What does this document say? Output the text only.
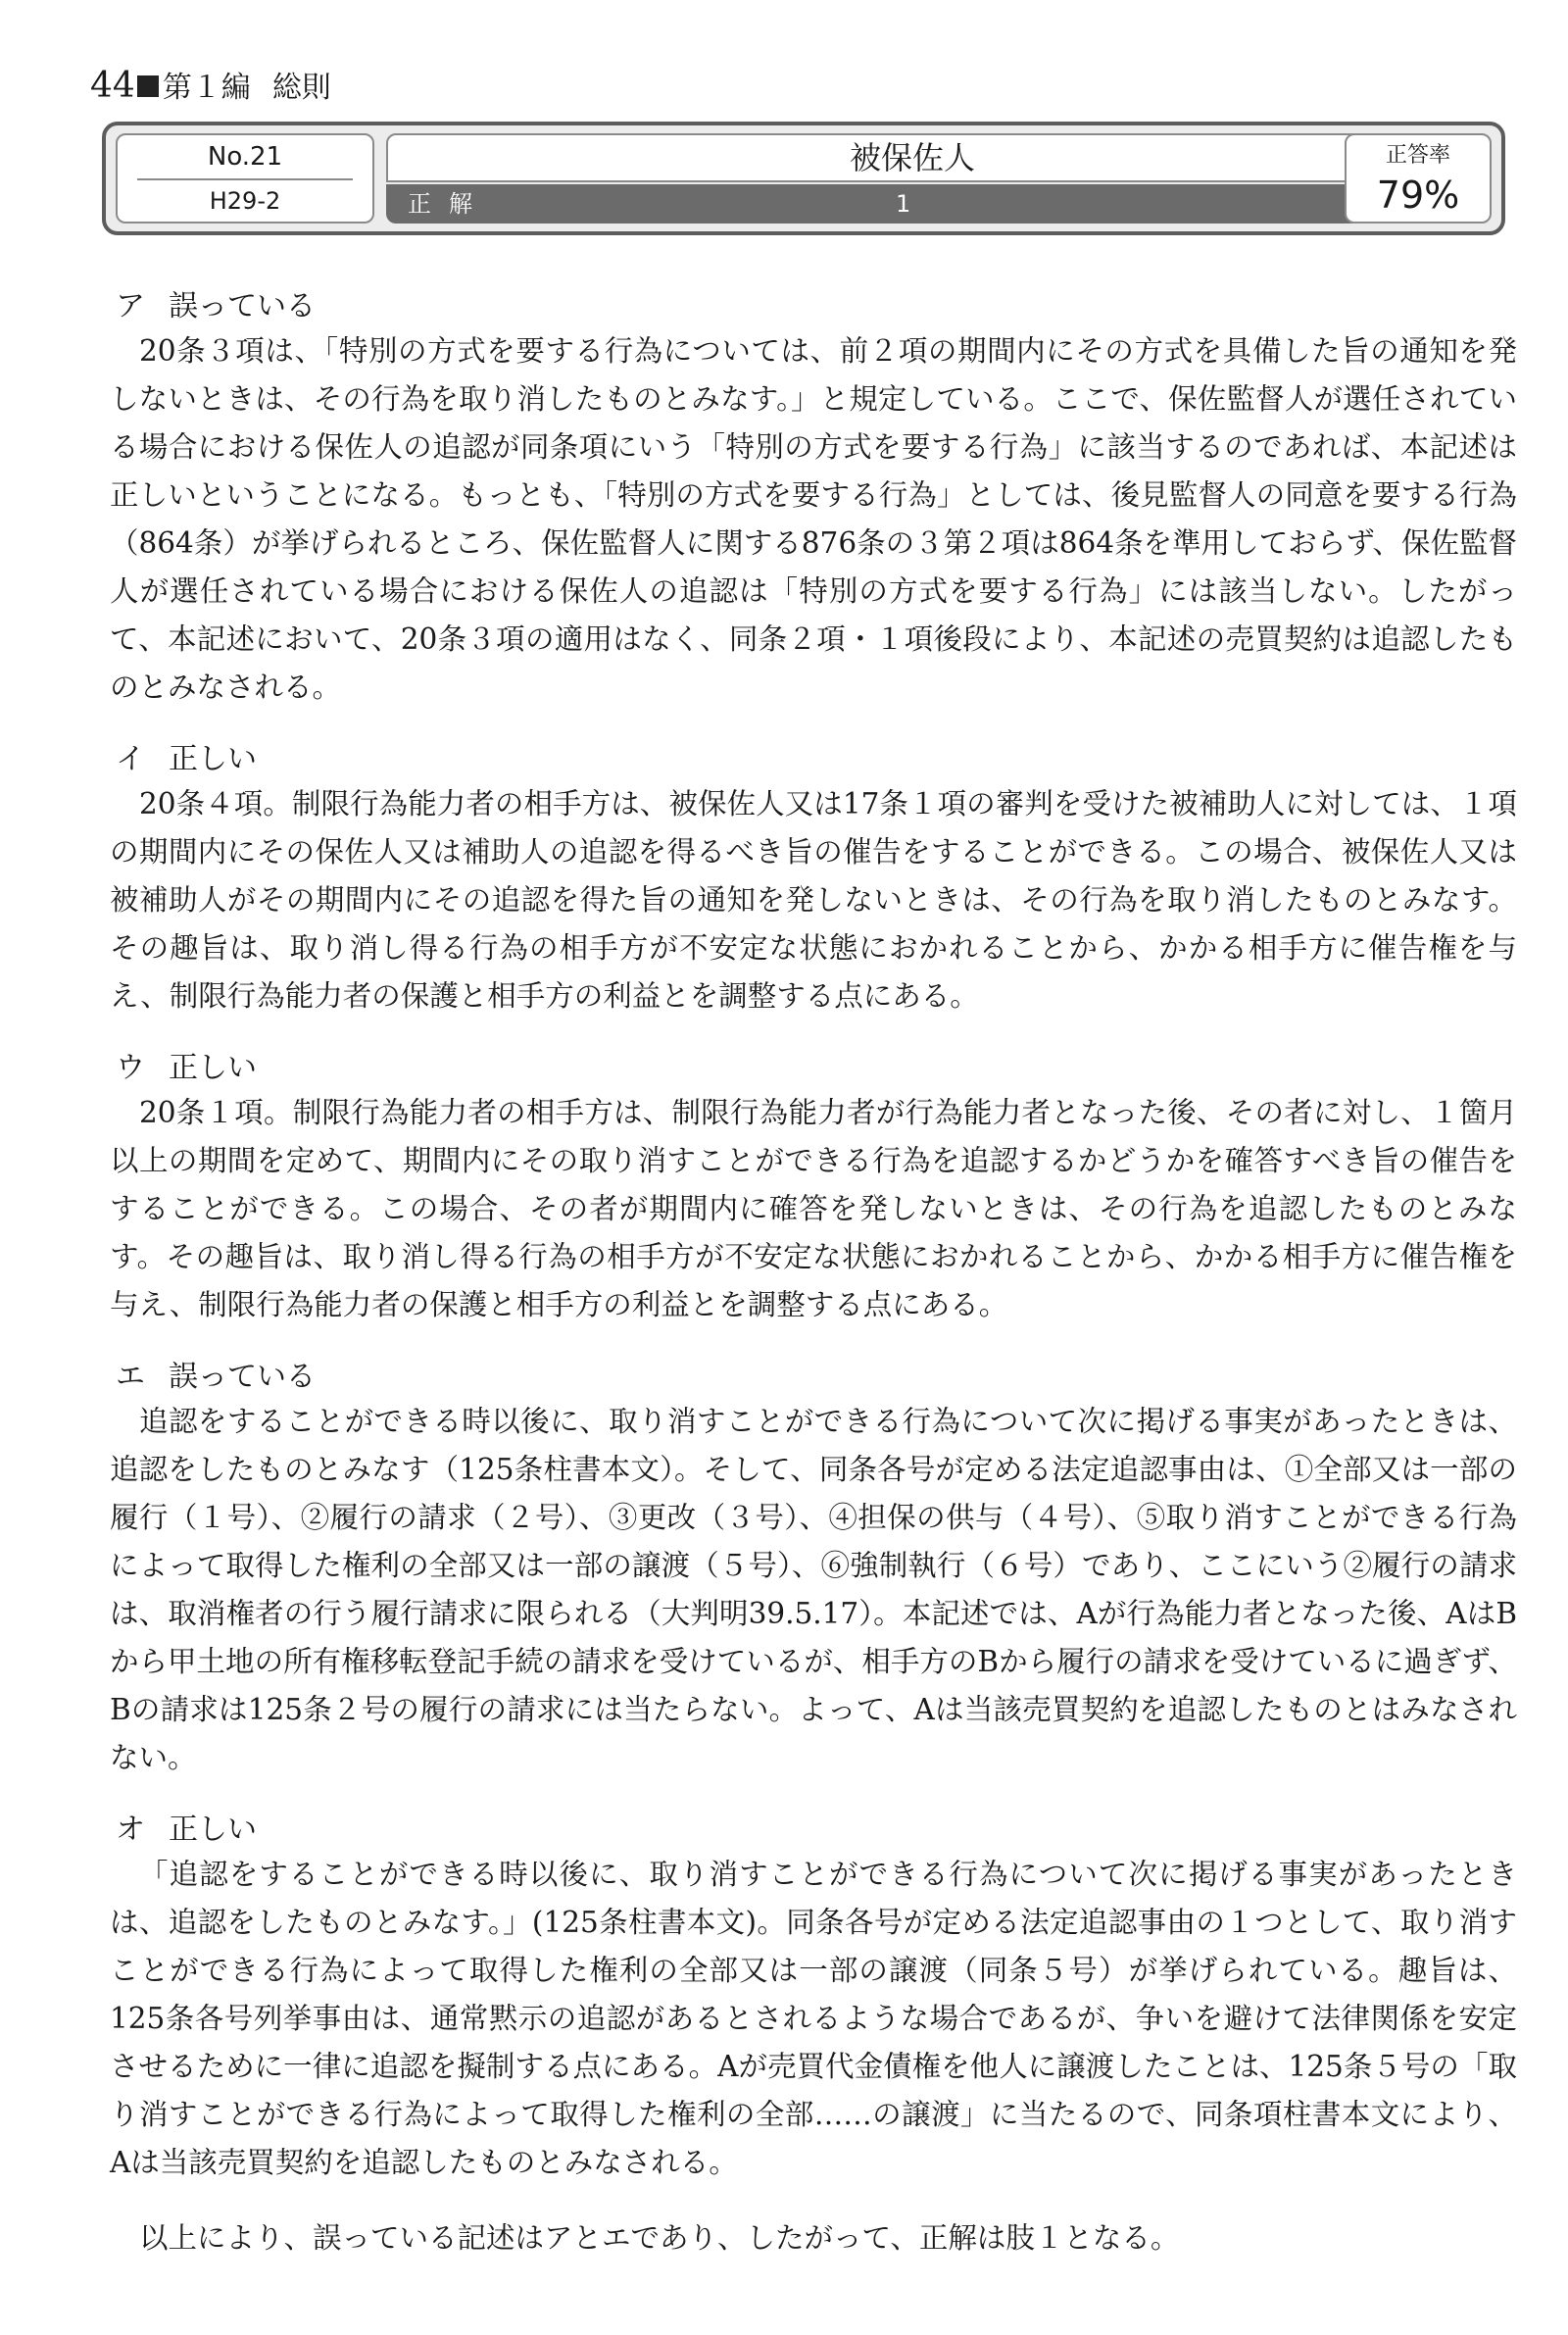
44 第１編 総則
No.21
H29-2
被保佐人
正解	1
正答率
79%
ア 誤っている
20条３項は、「特別の方式を要する行為については、前２項の期間内にその方式を具備した旨の通知を発しないときは、その行為を取り消したものとみなす。」と規定している。ここで、保佐監督人が選任されている場合における保佐人の追認が同条項にいう「特別の方式を要する行為」に該当するのであれば、本記述は正しいということになる。もっとも、「特別の方式を要する行為」としては、後見監督人の同意を要する行為（864条）が挙げられるところ、保佐監督人に関する876条の３第２項は864条を準用しておらず、保佐監督人が選任されている場合における保佐人の追認は「特別の方式を要する行為」には該当しない。したがって、本記述において、20条３項の適用はなく、同条２項・１項後段により、本記述の売買契約は追認したものとみなされる。
イ 正しい
20条４項。制限行為能力者の相手方は、被保佐人又は17条１項の審判を受けた被補助人に対しては、１項の期間内にその保佐人又は補助人の追認を得るべき旨の催告をすることができる。この場合、被保佐人又は被補助人がその期間内にその追認を得た旨の通知を発しないときは、その行為を取り消したものとみなす。その趣旨は、取り消し得る行為の相手方が不安定な状態におかれることから、かかる相手方に催告権を与え、制限行為能力者の保護と相手方の利益とを調整する点にある。
ウ 正しい
20条１項。制限行為能力者の相手方は、制限行為能力者が行為能力者となった後、その者に対し、１箇月以上の期間を定めて、期間内にその取り消すことができる行為を追認するかどうかを確答すべき旨の催告をすることができる。この場合、その者が期間内に確答を発しないときは、その行為を追認したものとみなす。その趣旨は、取り消し得る行為の相手方が不安定な状態におかれることから、かかる相手方に催告権を与え、制限行為能力者の保護と相手方の利益とを調整する点にある。
エ 誤っている
追認をすることができる時以後に、取り消すことができる行為について次に掲げる事実があったときは、追認をしたものとみなす（125条柱書本文）。そして、同条各号が定める法定追認事由は、①全部又は一部の履行（１号）、②履行の請求（２号）、③更改（３号）、④担保の供与（４号）、⑤取り消すことができる行為によって取得した権利の全部又は一部の譲渡（５号）、⑥強制執行（６号）であり、ここにいう②履行の請求は、取消権者の行う履行請求に限られる（大判明39.5.17）。本記述では、Aが行為能力者となった後、AはBから甲土地の所有権移転登記手続の請求を受けているが、相手方のBから履行の請求を受けているに過ぎず、Bの請求は125条２号の履行の請求には当たらない。よって、Aは当該売買契約を追認したものとはみなされない。
オ 正しい
「追認をすることができる時以後に、取り消すことができる行為について次に掲げる事実があったときは、追認をしたものとみなす。」(125条柱書本文)。同条各号が定める法定追認事由の１つとして、取り消すことができる行為によって取得した権利の全部又は一部の譲渡（同条５号）が挙げられている。趣旨は、125条各号列挙事由は、通常黙示の追認があるとされるような場合であるが、争いを避けて法律関係を安定させるために一律に追認を擬制する点にある。Aが売買代金債権を他人に譲渡したことは、125条５号の「取り消すことができる行為によって取得した権利の全部……の譲渡」に当たるので、同条項柱書本文により、Aは当該売買契約を追認したものとみなされる。
以上により、誤っている記述はアとエであり、したがって、正解は肢１となる。
